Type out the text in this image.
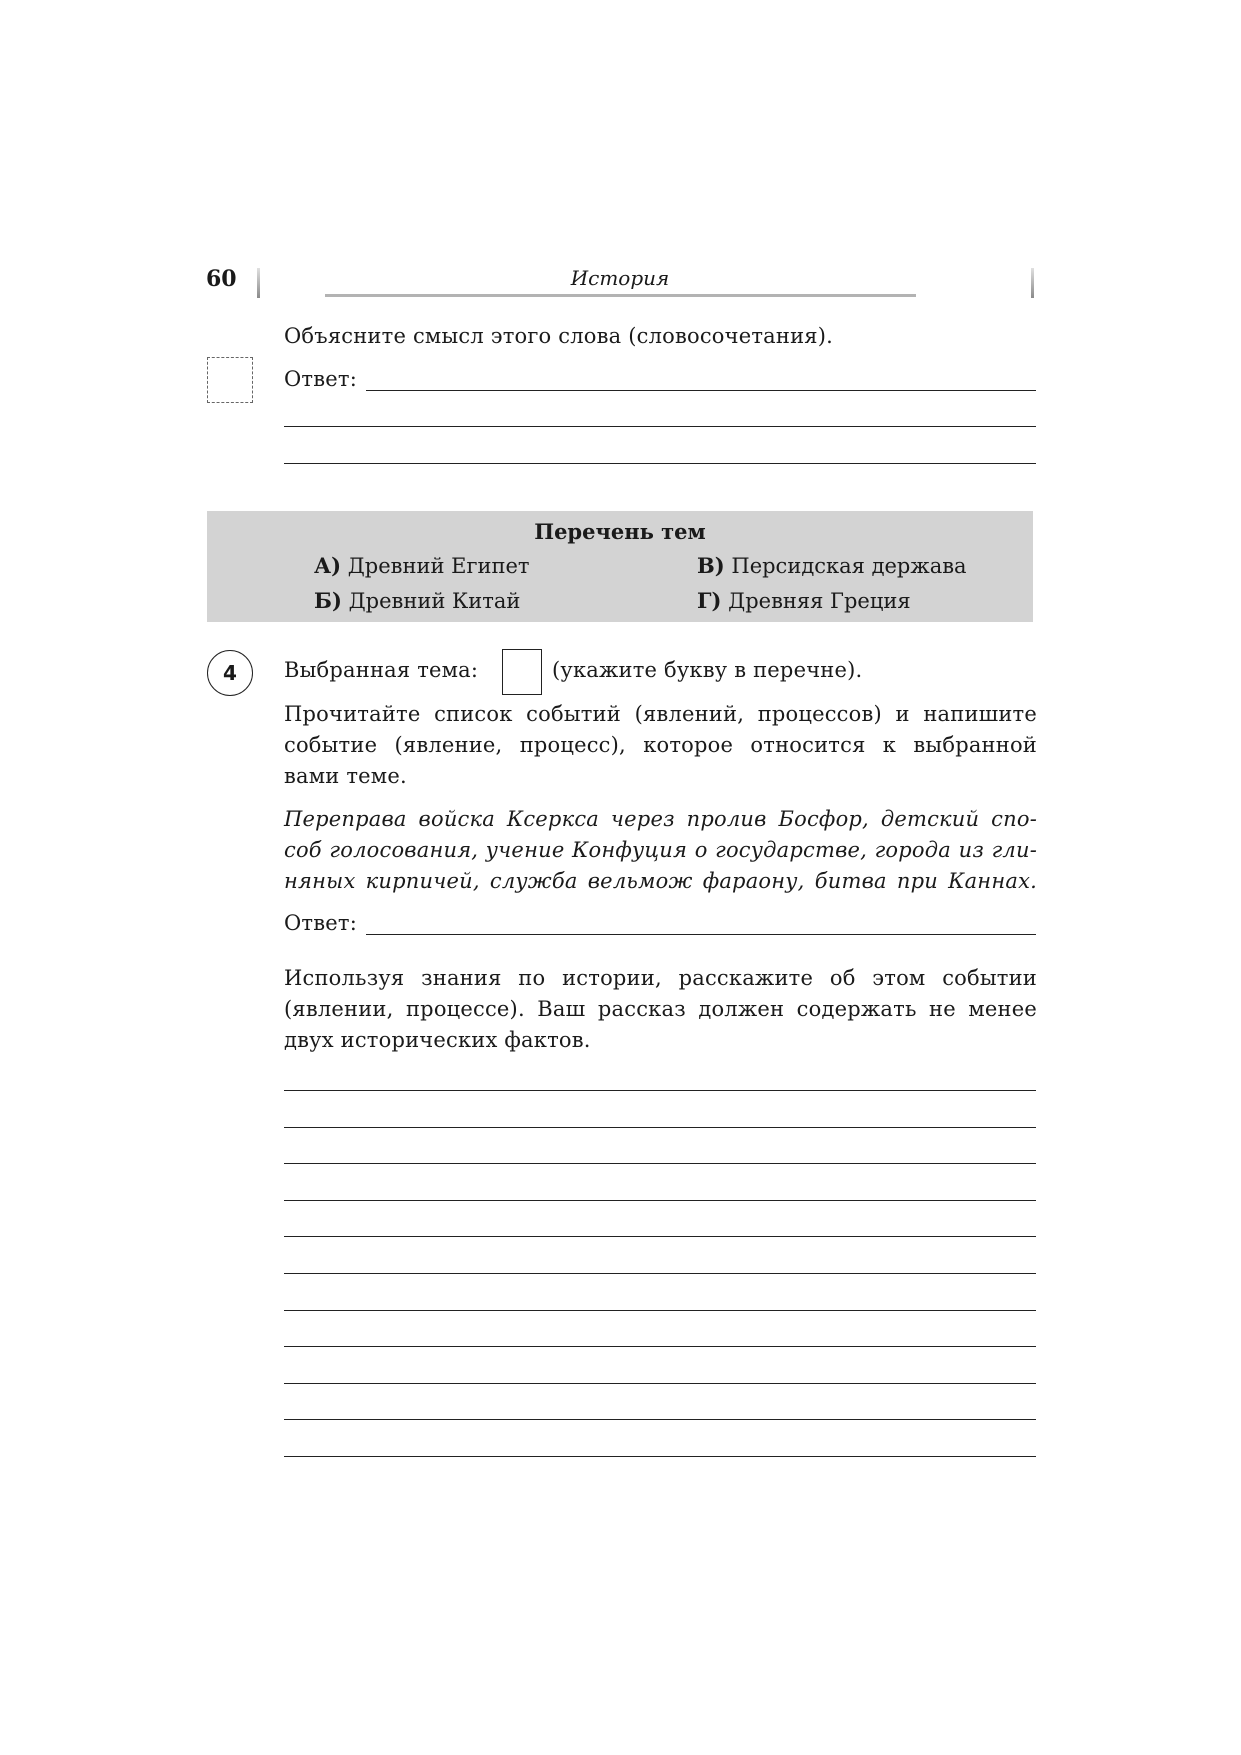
60	История
Объясните смысл этого слова (словосочетания).
Ответ:
Перечень тем
А) Древний Египет
Б) Древний Китай
В) Персидская держава
Г) Древняя Греция
4	Выбранная тема:	(укажите букву в перечне).
Прочитайте список событий (явлений, процессов) и напишите
событие (явление, процесс), которое относится к выбранной
вами теме.
Переправа войска Ксеркса через пролив Босфор, детский спо-
соб голосования, учение Конфуция о государстве, города из гли-
няных кирпичей, служба вельмож фараону, битва при Каннах.
Ответ:
Используя знания по истории, расскажите об этом событии
(явлении, процессе). Ваш рассказ должен содержать не менее
двух исторических фактов.
